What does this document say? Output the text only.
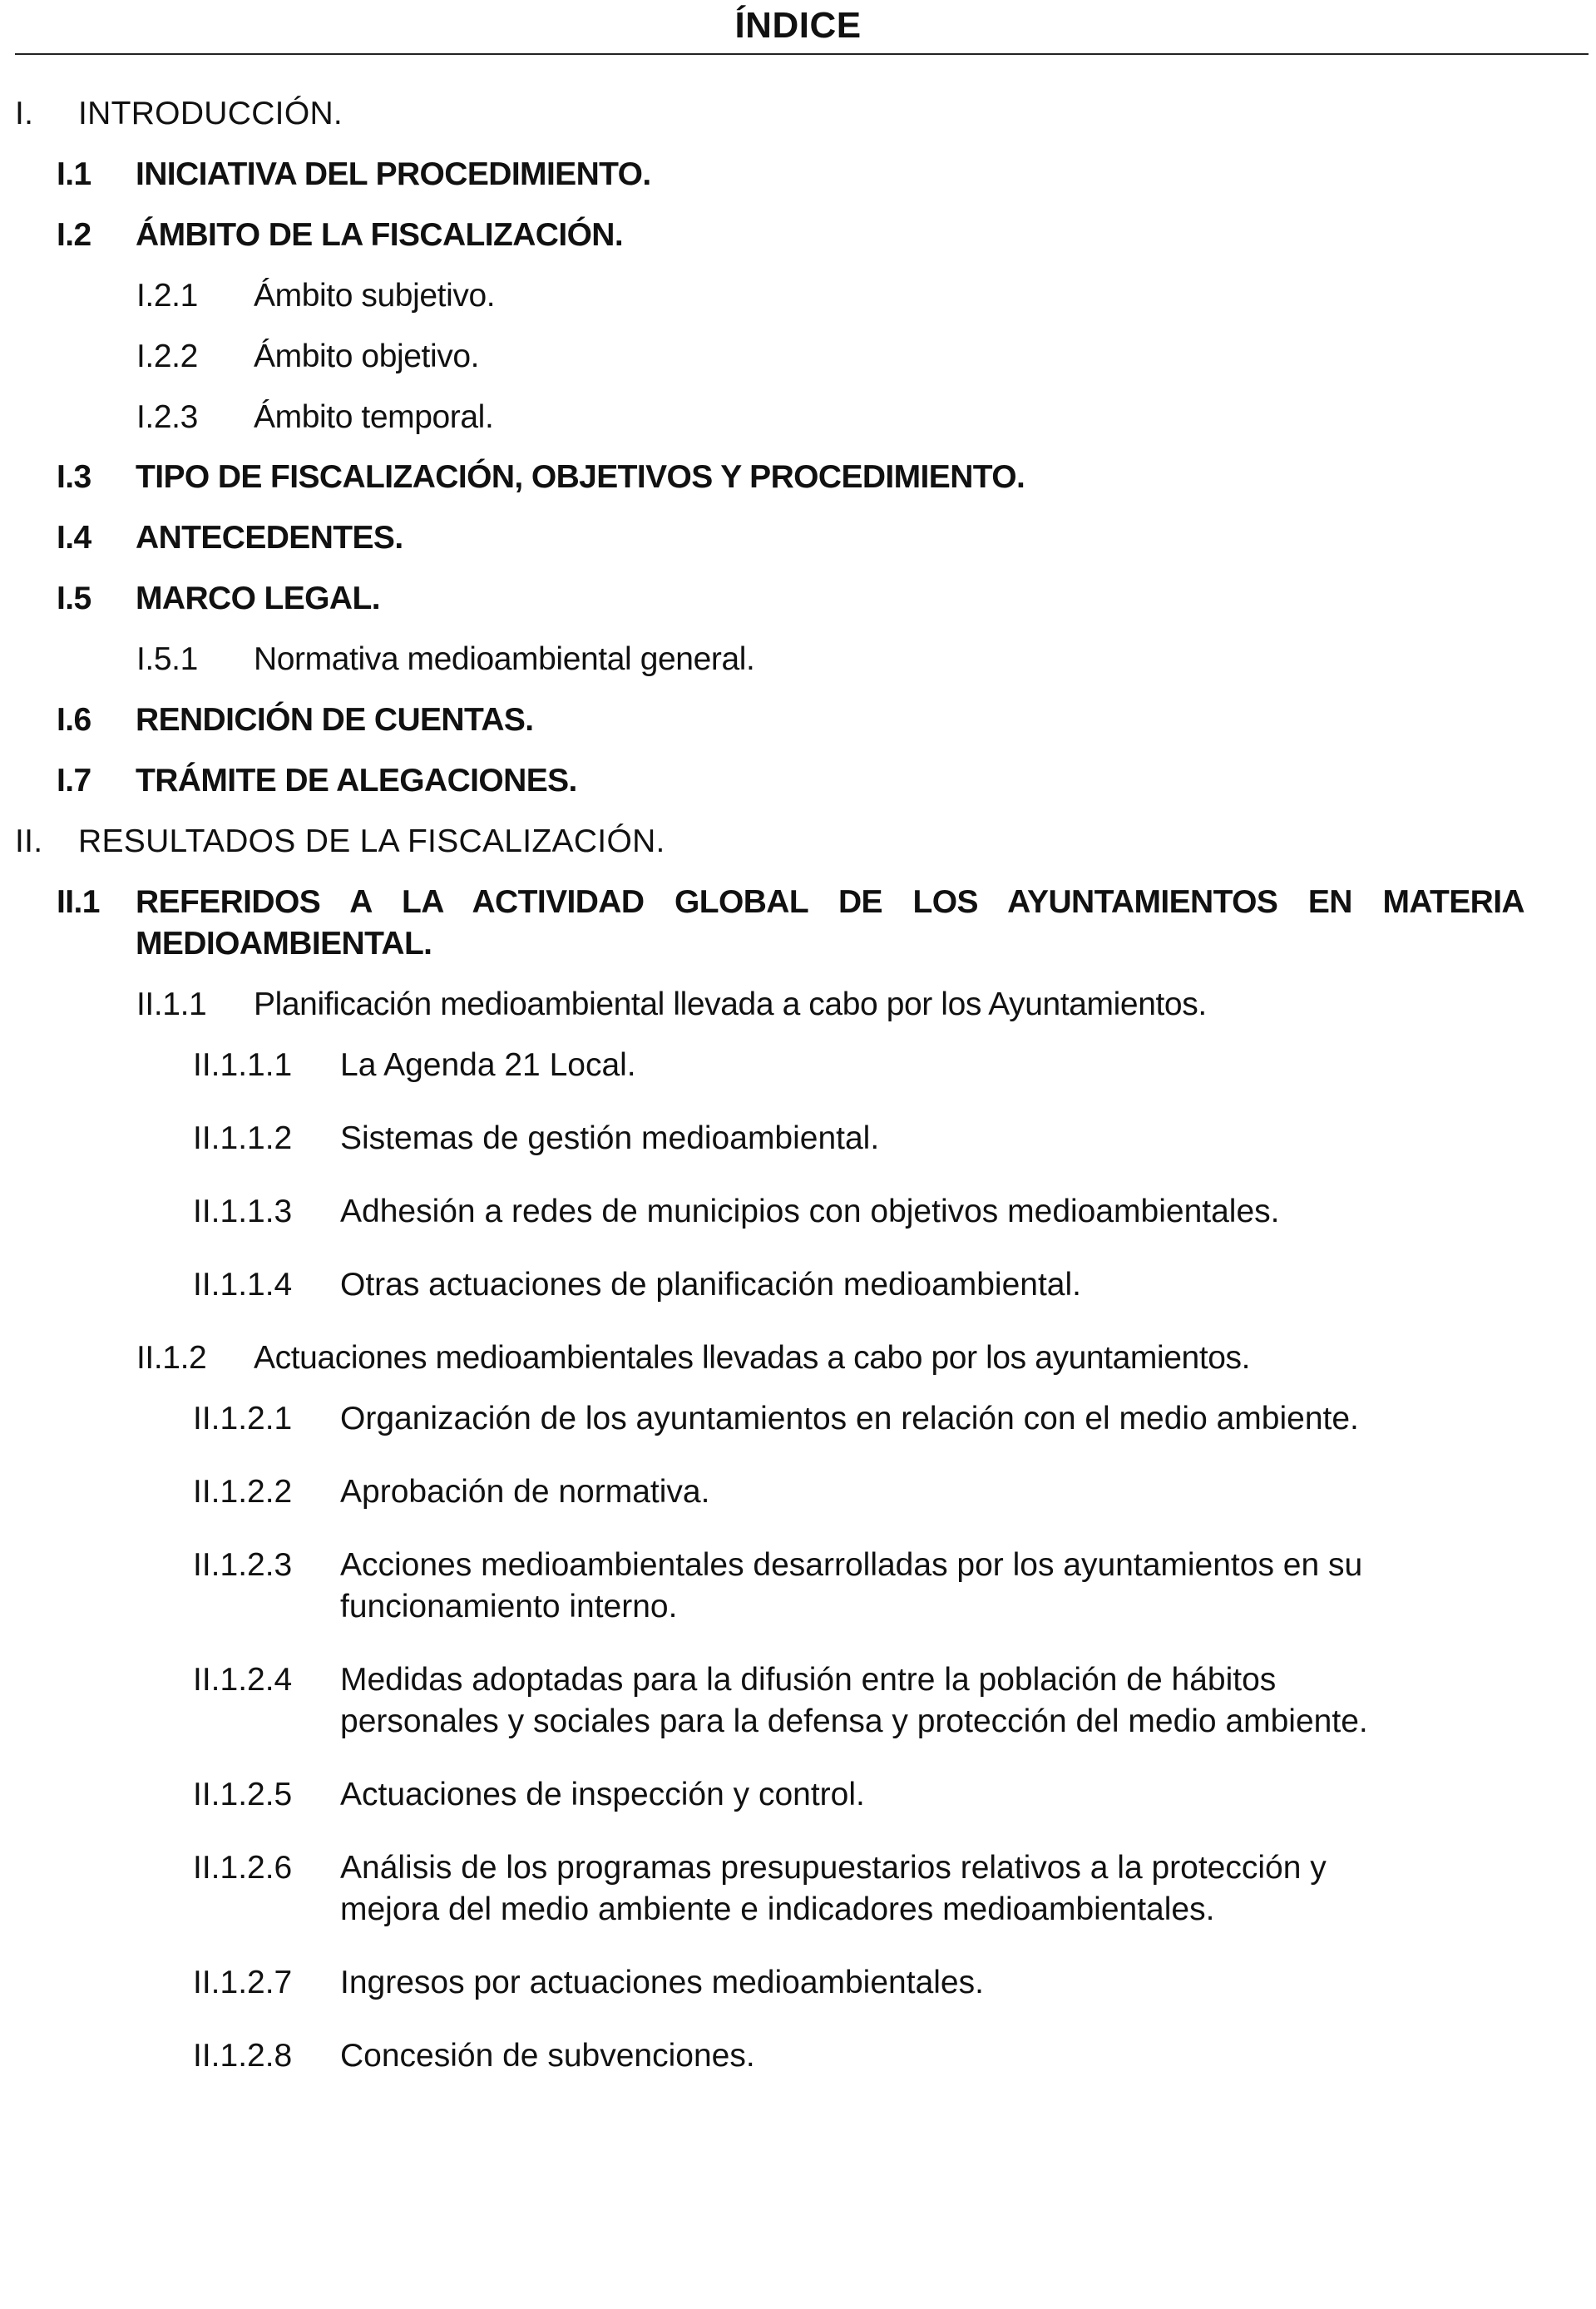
ÍNDICE
I. INTRODUCCIÓN.
I.1 INICIATIVA DEL PROCEDIMIENTO.
I.2 ÁMBITO DE LA FISCALIZACIÓN.
I.2.1 Ámbito subjetivo.
I.2.2 Ámbito objetivo.
I.2.3 Ámbito temporal.
I.3 TIPO DE FISCALIZACIÓN, OBJETIVOS Y PROCEDIMIENTO.
I.4 ANTECEDENTES.
I.5 MARCO LEGAL.
I.5.1 Normativa medioambiental general.
I.6 RENDICIÓN DE CUENTAS.
I.7 TRÁMITE DE ALEGACIONES.
II. RESULTADOS DE LA FISCALIZACIÓN.
II.1 REFERIDOS A LA ACTIVIDAD GLOBAL DE LOS AYUNTAMIENTOS EN MATERIA
MEDIOAMBIENTAL.
II.1.1 Planificación medioambiental llevada a cabo por los Ayuntamientos.
II.1.1.1 La Agenda 21 Local.
II.1.1.2 Sistemas de gestión medioambiental.
II.1.1.3 Adhesión a redes de municipios con objetivos medioambientales.
II.1.1.4 Otras actuaciones de planificación medioambiental.
II.1.2 Actuaciones medioambientales llevadas a cabo por los ayuntamientos.
II.1.2.1 Organización de los ayuntamientos en relación con el medio ambiente.
II.1.2.2 Aprobación de normativa.
II.1.2.3 Acciones medioambientales desarrolladas por los ayuntamientos en su
funcionamiento interno.
II.1.2.4 Medidas adoptadas para la difusión entre la población de hábitos
personales y sociales para la defensa y protección del medio ambiente.
II.1.2.5 Actuaciones de inspección y control.
II.1.2.6 Análisis de los programas presupuestarios relativos a la protección y
mejora del medio ambiente e indicadores medioambientales.
II.1.2.7 Ingresos por actuaciones medioambientales.
II.1.2.8 Concesión de subvenciones.
